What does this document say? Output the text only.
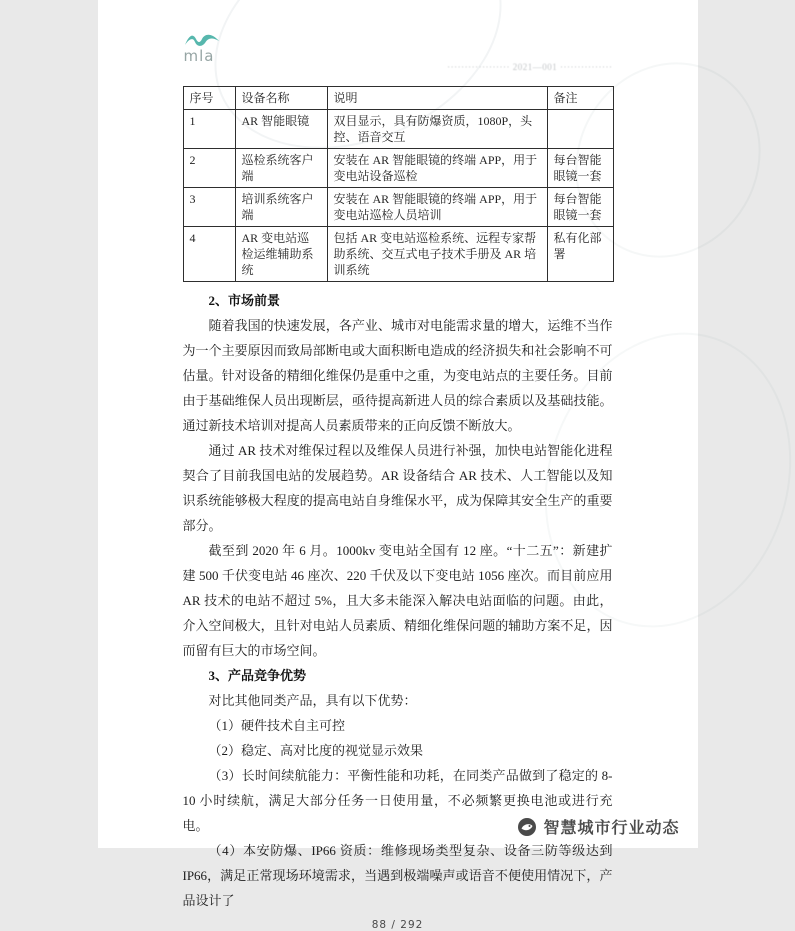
mla
·················· 2021—001 ···············
序号	设备名称	说明	备注
1	AR 智能眼镜	双目显示，具有防爆资质，1080P，头控、语音交互	
2	巡检系统客户端	安装在 AR 智能眼镜的终端 APP，用于变电站设备巡检	每台智能眼镜一套
3	培训系统客户端	安装在 AR 智能眼镜的终端 APP，用于变电站巡检人员培训	每台智能眼镜一套
4	AR 变电站巡检运维辅助系统	包括 AR 变电站巡检系统、远程专家帮助系统、交互式电子技术手册及 AR 培训系统	私有化部署
2、市场前景

随着我国的快速发展，各产业、城市对电能需求量的增大，运维不当作为一个主要原因而致局部断电或大面积断电造成的经济损失和社会影响不可估量。针对设备的精细化维保仍是重中之重，为变电站点的主要任务。目前由于基础维保人员出现断层，亟待提高新进人员的综合素质以及基础技能。通过新技术培训对提高人员素质带来的正向反馈不断放大。

通过 AR 技术对维保过程以及维保人员进行补强，加快电站智能化进程契合了目前我国电站的发展趋势。AR 设备结合 AR 技术、人工智能以及知识系统能够极大程度的提高电站自身维保水平，成为保障其安全生产的重要部分。

截至到 2020 年 6 月。1000kv 变电站全国有 12 座。“十二五”：新建扩建 500 千伏变电站 46 座次、220 千伏及以下变电站 1056 座次。而目前应用 AR 技术的电站不超过 5%，且大多未能深入解决电站面临的问题。由此，介入空间极大，且针对电站人员素质、精细化维保问题的辅助方案不足，因而留有巨大的市场空间。

3、产品竞争优势

对比其他同类产品，具有以下优势：

（1）硬件技术自主可控

（2）稳定、高对比度的视觉显示效果

（3）长时间续航能力：平衡性能和功耗，在同类产品做到了稳定的 8-10 小时续航，满足大部分任务一日使用量，不必频繁更换电池或进行充电。

（4）本安防爆、IP66 资质：维修现场类型复杂、设备三防等级达到 IP66，满足正常现场环境需求，当遇到极端噪声或语音不便使用情况下，产品设计了

88 / 292
智慧城市行业动态
